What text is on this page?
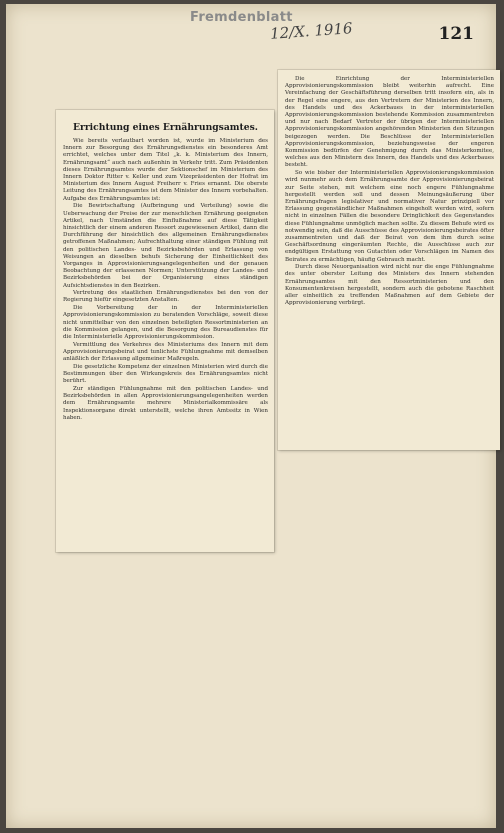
Fremdenblatt
12/X. 1916	121

Die Einrichtung der Interministeriellen Approvisionierungskommission bleibt weiterhin aufrecht. Eine Vereinfachung der Geschäftsführung derselben tritt insofern ein, als in der Regel eine engere, aus den Vertretern der Ministerien des Innern, des Handels und des Ackerbaues in der interministeriellen Approvisionierungskommission bestehende Kommission zusammentreten und nur nach Bedarf Vertreter der übrigen der Interministeriellen Approvisionierungskommission angehörenden Ministerien den Sitzungen beigezogen werden. Die Beschlüsse der Interministeriellen Approvisionierungskommission, beziehungsweise der engeren Kommission bedürfen der Genehmigung durch das Ministerkomitee, welches aus den Ministern des Innern, des Handels und des Ackerbaues besteht.

So wie bisher der Interministeriellen Approvisionierungskommission wird nunmehr auch dem Ernährungsamte der Approvisionierungsbeirat zur Seite stehen, mit welchem eine noch engere Fühlungnahme hergestellt werden soll und dessen Meinungsäußerung über Ernährungsfragen legislativer und normativer Natur prinzipiell vor Erlassung gegenständlicher Maßnahmen eingeholt werden wird, sofern nicht in einzelnen Fällen die besondere Dringlichkeit des Gegenstandes diese Fühlungnahme unmöglich machen sollte. Zu diesem Behufe wird es notwendig sein, daß die Ausschüsse des Approvisionierungsbeirates öfter zusammentreten und daß der Beirat von dem ihm durch seine Geschäftsordnung eingeräumten Rechte, die Ausschüsse auch zur endgültigen Erstattung von Gutachten oder Vorschlägen im Namen des Beirates zu ermächtigen, häufig Gebrauch macht.

Durch diese Neuorganisation wird nicht nur die enge Fühlungnahme des unter oberster Leitung des Ministers des Innern stehenden Ernährungsamtes mit den Ressortministerien und den Konsumentenkreisen hergestellt, sondern auch die gebotene Raschheit aller einheitlich zu treffenden Maßnahmen auf dem Gebiete der Approvisionierung verbürgt.

Errichtung eines Ernährungsamtes.

Wie bereits verlautbart worden ist, wurde im Ministerium des Innern zur Besorgung des Ernährungsdienstes ein besonderes Amt errichtet, welches unter dem Titel „k. k. Ministerium des Innern, Ernährungsamt“ auch nach außenhin in Verkehr tritt. Zum Präsidenten dieses Ernährungsamtes wurde der Sektionschef im Ministerium des Innern Doktor Ritter v. Keller und zum Vizepräsidenten der Hofrat im Ministerium des Innern August Freiherr v. Fries ernannt. Die oberste Leitung des Ernährungsamtes ist dem Minister des Innern vorbehalten. Aufgabe des Ernährungsamtes ist:

Die Bewirtschaftung (Aufbringung und Verteilung) sowie die Ueberwachung der Preise der zur menschlichen Ernährung geeigneten Artikel, nach Umständen die Einflußnahme auf diese Tätigkeit hinsichtlich der einem anderen Ressort zugewiesenen Artikel, dann die Durchführung der hinsichtlich des allgemeinen Ernährungsdienstes getroffenen Maßnahmen; Aufrechthaltung einer ständigen Fühlung mit den politischen Landes- und Bezirksbehörden und Erlassung von Weisungen an dieselben behufs Sicherung der Einheitlichkeit des Vorganges in Approvisionierungsangelegenheiten und der genauen Beobachtung der erlassenen Normen; Unterstützung der Landes- und Bezirksbehörden bei der Organisierung eines ständigen Aufsichtsdienstes in den Bezirken.

Vertretung des staatlichen Ernährungsdienstes bei den von der Regierung hiefür eingesetzten Anstalten.

Die Vorbereitung der in der Interministeriellen Approvisionierungskommission zu beratenden Vorschläge, soweit diese nicht unmittelbar von den einzelnen beteiligten Ressortministerien an die Kommission gelangen, und die Besorgung des Bureaudienstes für die Interministerielle Approvisionierungskommission.

Vermittlung des Verkehres des Ministeriums des Innern mit dem Approvisionierungsbeirat und tunlichste Fühlungnahme mit demselben anläßlich der Erlassung allgemeiner Maßregeln.

Die gesetzliche Kompetenz der einzelnen Ministerien wird durch die Bestimmungen über den Wirkungskreis des Ernährungsamtes nicht berührt.

Zur ständigen Fühlungnahme mit den politischen Landes- und Bezirksbehörden in allen Approvisionierungsangelegenheiten werden dem Ernährungsamte mehrere Ministerialkommissäre als Inspektionsorgane direkt unterstellt, welche ihren Amtssitz in Wien haben.
